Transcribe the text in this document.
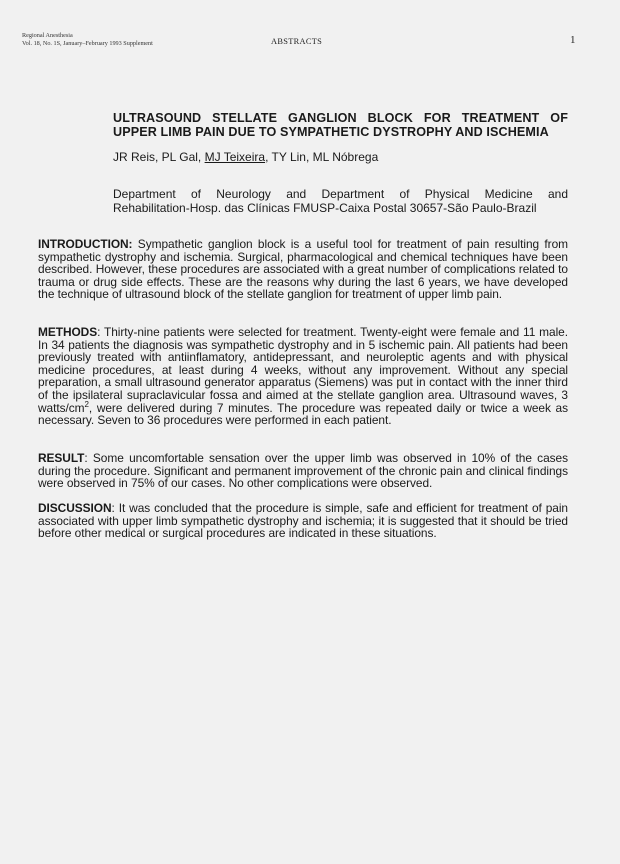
Regional Anesthesia
Vol. 18, No. 1S, January–February 1993 Supplement	ABSTRACTS	1
ULTRASOUND STELLATE GANGLION BLOCK FOR TREATMENT OF
UPPER LIMB PAIN DUE TO SYMPATHETIC DYSTROPHY AND ISCHEMIA
JR Reis, PL Gal, MJ Teixeira, TY Lin, ML Nóbrega
Department of Neurology and Department of Physical Medicine and
Rehabilitation-Hosp. das Clínicas FMUSP-Caixa Postal 30657-São Paulo-Brazil

INTRODUCTION: Sympathetic ganglion block is a useful tool for treatment of pain resulting from sympathetic dystrophy and ischemia. Surgical, pharmacological and chemical techniques have been described. However, these procedures are associated with a great number of complications related to trauma or drug side effects. These are the reasons why during the last 6 years, we have developed the technique of ultrasound block of the stellate ganglion for treatment of upper limb pain.

METHODS: Thirty-nine patients were selected for treatment. Twenty-eight were female and 11 male. In 34 patients the diagnosis was sympathetic dystrophy and in 5 ischemic pain. All patients had been previously treated with antiinflamatory, antidepressant, and neuroleptic agents and with physical medicine procedures, at least during 4 weeks, without any improvement. Without any special preparation, a small ultrasound generator apparatus (Siemens) was put in contact with the inner third of the ipsilateral supraclavicular fossa and aimed at the stellate ganglion area. Ultrasound waves, 3 watts/$cm^2$, were delivered during 7 minutes. The procedure was repeated daily or twice a week as necessary. Seven to 36 procedures were performed in each patient.

RESULT: Some uncomfortable sensation over the upper limb was observed in 10% of the cases during the procedure. Significant and permanent improvement of the chronic pain and clinical findings were observed in 75% of our cases. No other complications were observed.

DISCUSSION: It was concluded that the procedure is simple, safe and efficient for treatment of pain associated with upper limb sympathetic dystrophy and ischemia; it is suggested that it should be tried before other medical or surgical procedures are indicated in these situations.
